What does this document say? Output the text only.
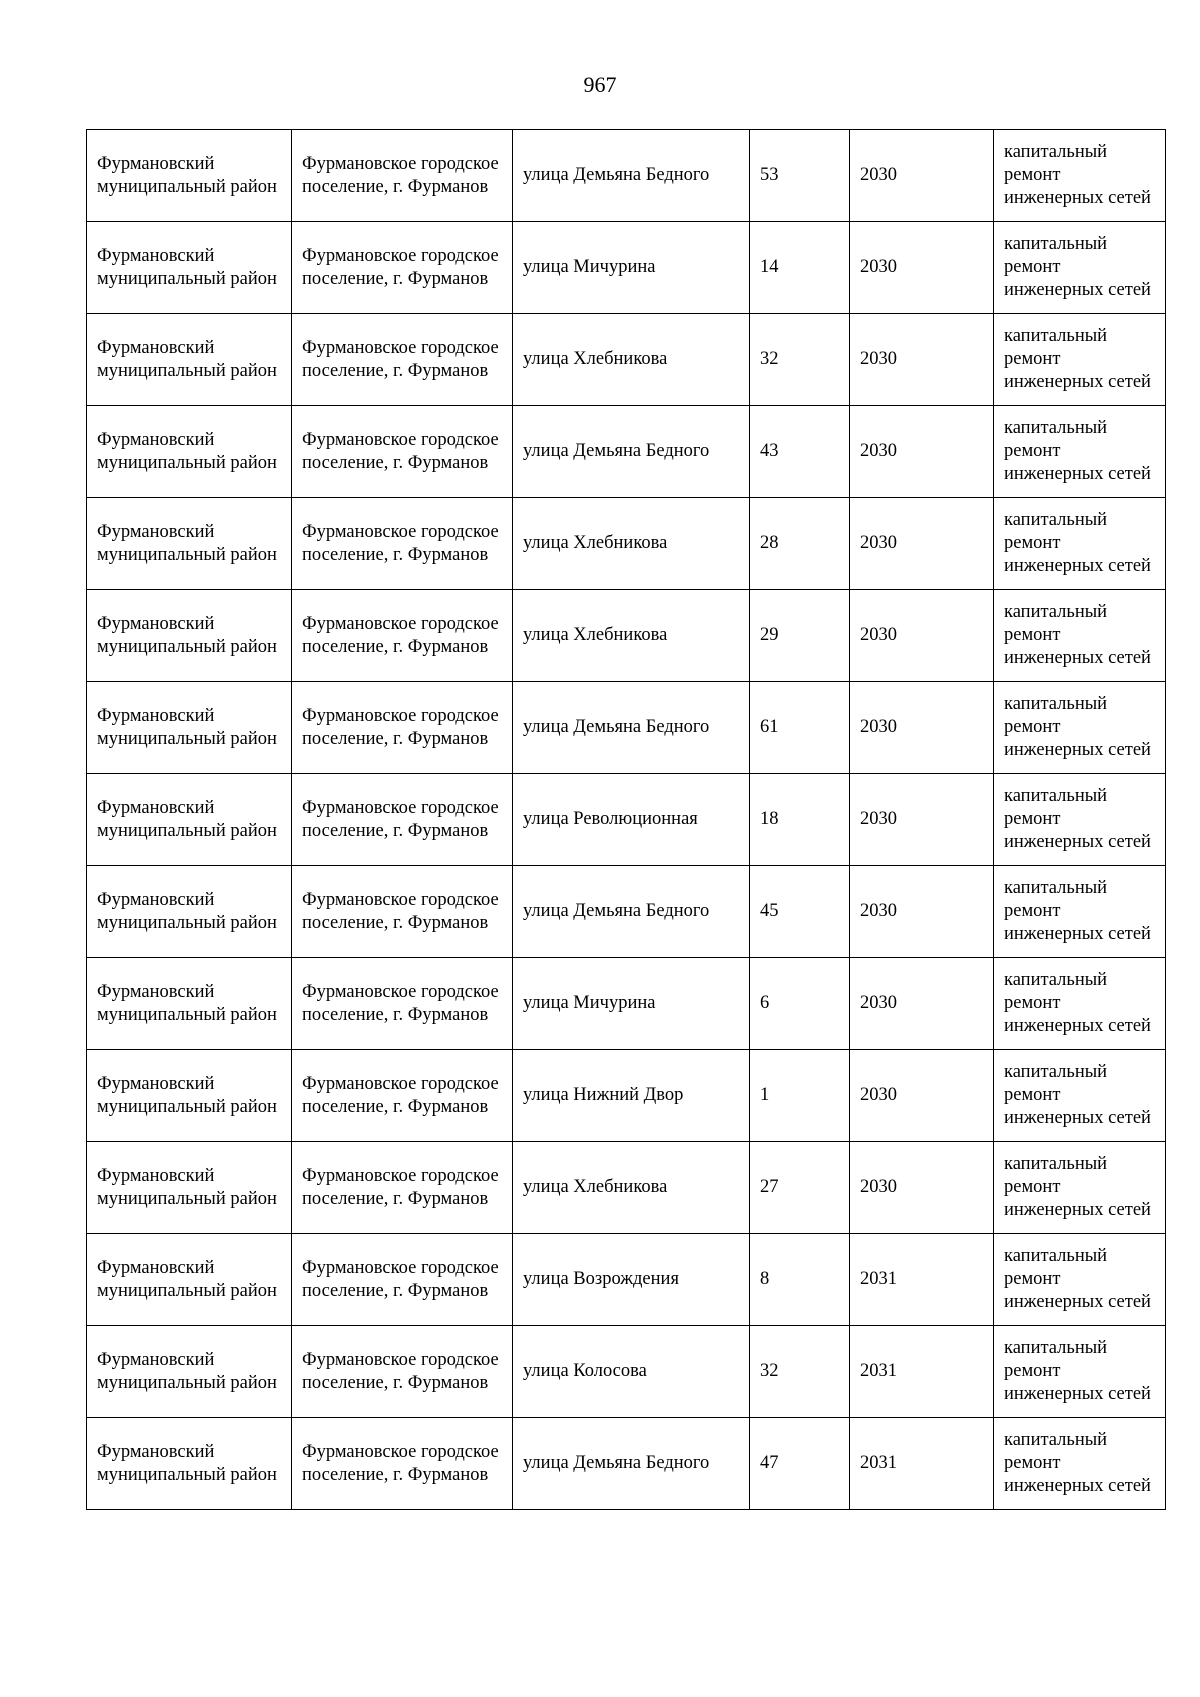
967
Фурмановский муниципальный район	Фурмановское городское поселение, г. Фурманов	улица Демьяна Бедного	53	2030	капитальный ремонт инженерных сетей
Фурмановский муниципальный район	Фурмановское городское поселение, г. Фурманов	улица Мичурина	14	2030	капитальный ремонт инженерных сетей
Фурмановский муниципальный район	Фурмановское городское поселение, г. Фурманов	улица Хлебникова	32	2030	капитальный ремонт инженерных сетей
Фурмановский муниципальный район	Фурмановское городское поселение, г. Фурманов	улица Демьяна Бедного	43	2030	капитальный ремонт инженерных сетей
Фурмановский муниципальный район	Фурмановское городское поселение, г. Фурманов	улица Хлебникова	28	2030	капитальный ремонт инженерных сетей
Фурмановский муниципальный район	Фурмановское городское поселение, г. Фурманов	улица Хлебникова	29	2030	капитальный ремонт инженерных сетей
Фурмановский муниципальный район	Фурмановское городское поселение, г. Фурманов	улица Демьяна Бедного	61	2030	капитальный ремонт инженерных сетей
Фурмановский муниципальный район	Фурмановское городское поселение, г. Фурманов	улица Революционная	18	2030	капитальный ремонт инженерных сетей
Фурмановский муниципальный район	Фурмановское городское поселение, г. Фурманов	улица Демьяна Бедного	45	2030	капитальный ремонт инженерных сетей
Фурмановский муниципальный район	Фурмановское городское поселение, г. Фурманов	улица Мичурина	6	2030	капитальный ремонт инженерных сетей
Фурмановский муниципальный район	Фурмановское городское поселение, г. Фурманов	улица Нижний Двор	1	2030	капитальный ремонт инженерных сетей
Фурмановский муниципальный район	Фурмановское городское поселение, г. Фурманов	улица Хлебникова	27	2030	капитальный ремонт инженерных сетей
Фурмановский муниципальный район	Фурмановское городское поселение, г. Фурманов	улица Возрождения	8	2031	капитальный ремонт инженерных сетей
Фурмановский муниципальный район	Фурмановское городское поселение, г. Фурманов	улица Колосова	32	2031	капитальный ремонт инженерных сетей
Фурмановский муниципальный район	Фурмановское городское поселение, г. Фурманов	улица Демьяна Бедного	47	2031	капитальный ремонт инженерных сетей
